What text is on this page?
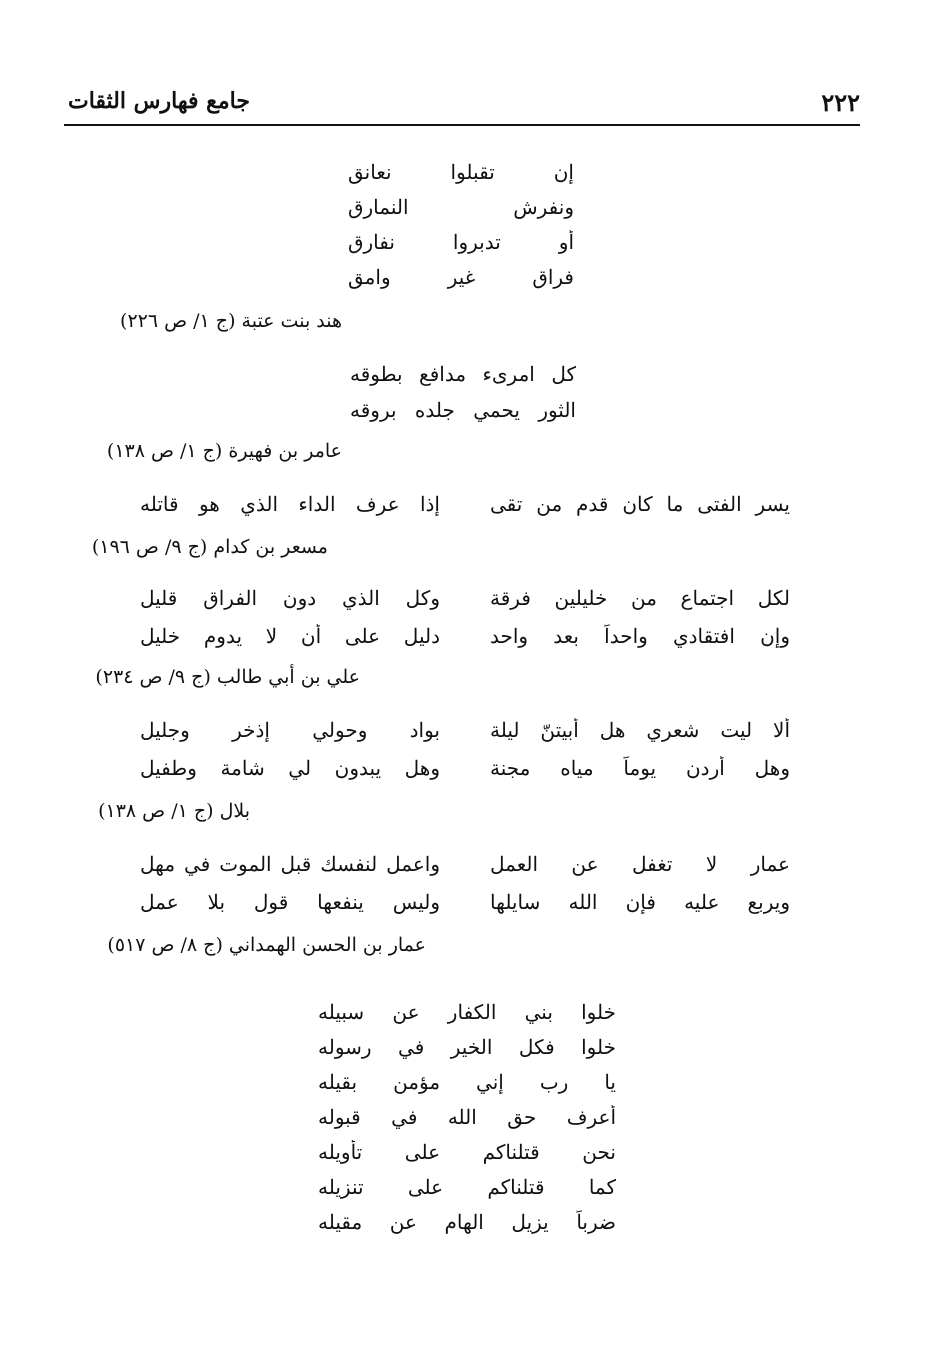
٢٢٢
جامع فهارس الثقات
إن تقبلوا نعانق
ونفرش النمارق
أو تدبروا نفارق
فراق غير وامق
هند بنت عتبة (ج ١/ ص ٢٢٦)
كل امرىء مدافع بطوقه
الثور يحمي جلده بروقه
عامر بن فهيرة (ج ١/ ص ١٣٨)
يسر الفتى ما كان قدم من تقى
إذا عرف الداء الذي هو قاتله
مسعر بن كدام (ج ٩/ ص ١٩٦)
لكل اجتماع من خليلين فرقة
وكل الذي دون الفراق قليل
وإن افتقادي واحداً بعد واحد
دليل على أن لا يدوم خليل
علي بن أبي طالب (ج ٩/ ص ٢٣٤)
ألا ليت شعري هل أبيتنّ ليلة
بواد وحولي إذخر وجليل
وهل أردن يوماً مياه مجنة
وهل يبدون لي شامة وطفيل
بلال (ج ١/ ص ١٣٨)
عمار لا تغفل عن العمل
واعمل لنفسك قبل الموت في مهل
ويربع عليه فإن الله سايلها
وليس ينفعها قول بلا عمل
عمار بن الحسن الهمداني (ج ٨/ ص ٥١٧)
خلوا بني الكفار عن سبيله
خلوا فكل الخير في رسوله
يا رب إني مؤمن بقيله
أعرف حق الله في قبوله
نحن قتلناكم على تأويله
كما قتلناكم على تنزيله
ضرباً يزيل الهام عن مقيله
